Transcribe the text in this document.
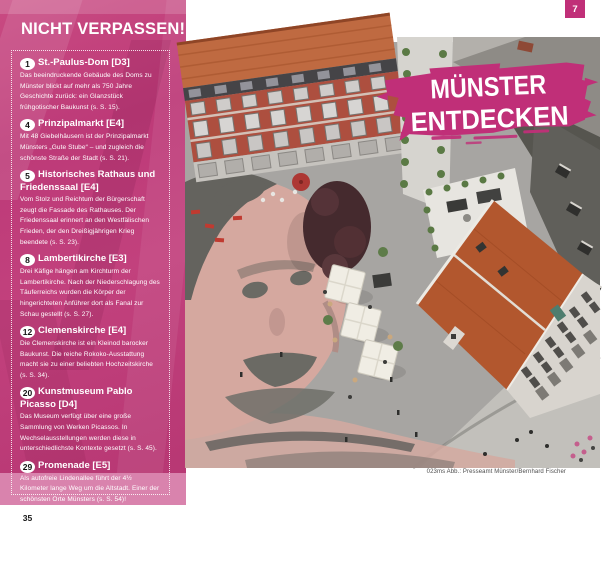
NICHT VERPASSEN!
1 St.-Paulus-Dom [D3]

Das beeindruckende Gebäude des Doms zu Münster blickt auf mehr als 750 Jahre Geschichte zurück: ein Glanzstück frühgotischer Baukunst (s. S. 15).

4 Prinzipalmarkt [E4]

Mit 48 Giebelhäusern ist der Prinzipalmarkt Münsters „Gute Stube“ – und zugleich die schönste Straße der Stadt (s. S. 21).

5 Historisches Rathaus und Friedenssaal [E4]

Vom Stolz und Reichtum der Bürgerschaft zeugt die Fassade des Rathauses. Der Friedenssaal erinnert an den Westfälischen Frieden, der den Dreißigjährigen Krieg beendete (s. S. 23).

8 Lambertikirche [E3]

Drei Käfige hängen am Kirchturm der Lambertikirche. Nach der Niederschlagung des Täuferreichs wurden die Körper der hingerichteten Anführer dort als Fanal zur Schau gestellt (s. S. 27).

12 Clemenskirche [E4]

Die Clemenskirche ist ein Kleinod barocker Baukunst. Die reiche Rokoko-Ausstattung macht sie zu einer beliebten Hochzeitskirche (s. S. 34).

20 Kunstmuseum Pablo Picasso [D4]

Das Museum verfügt über eine große Sammlung von Werken Picassos. In Wechselausstellungen werden diese in unterschiedlichste Kontexte gesetzt (s. S. 45).

29 Promenade [E5]

Als autofreie Lindenallee führt der 4½ Kilometer lange Weg um die Altstadt. Einer der schönsten Orte Münsters (s. S. 54)!

35 Aasee [B6]

Rund um den See sind viele Kunstwerke der Skulpturenausstellungen zu entdecken. Im südlichen Teil befinden sich ein Freilichtmuseum, das Naturkundemuseum und der Allwetterzoo (s. S. 62).

7
MÜNSTER
ENTDECKEN
023ms Abb.: Presseamt Münster/Bernhard Fischer
